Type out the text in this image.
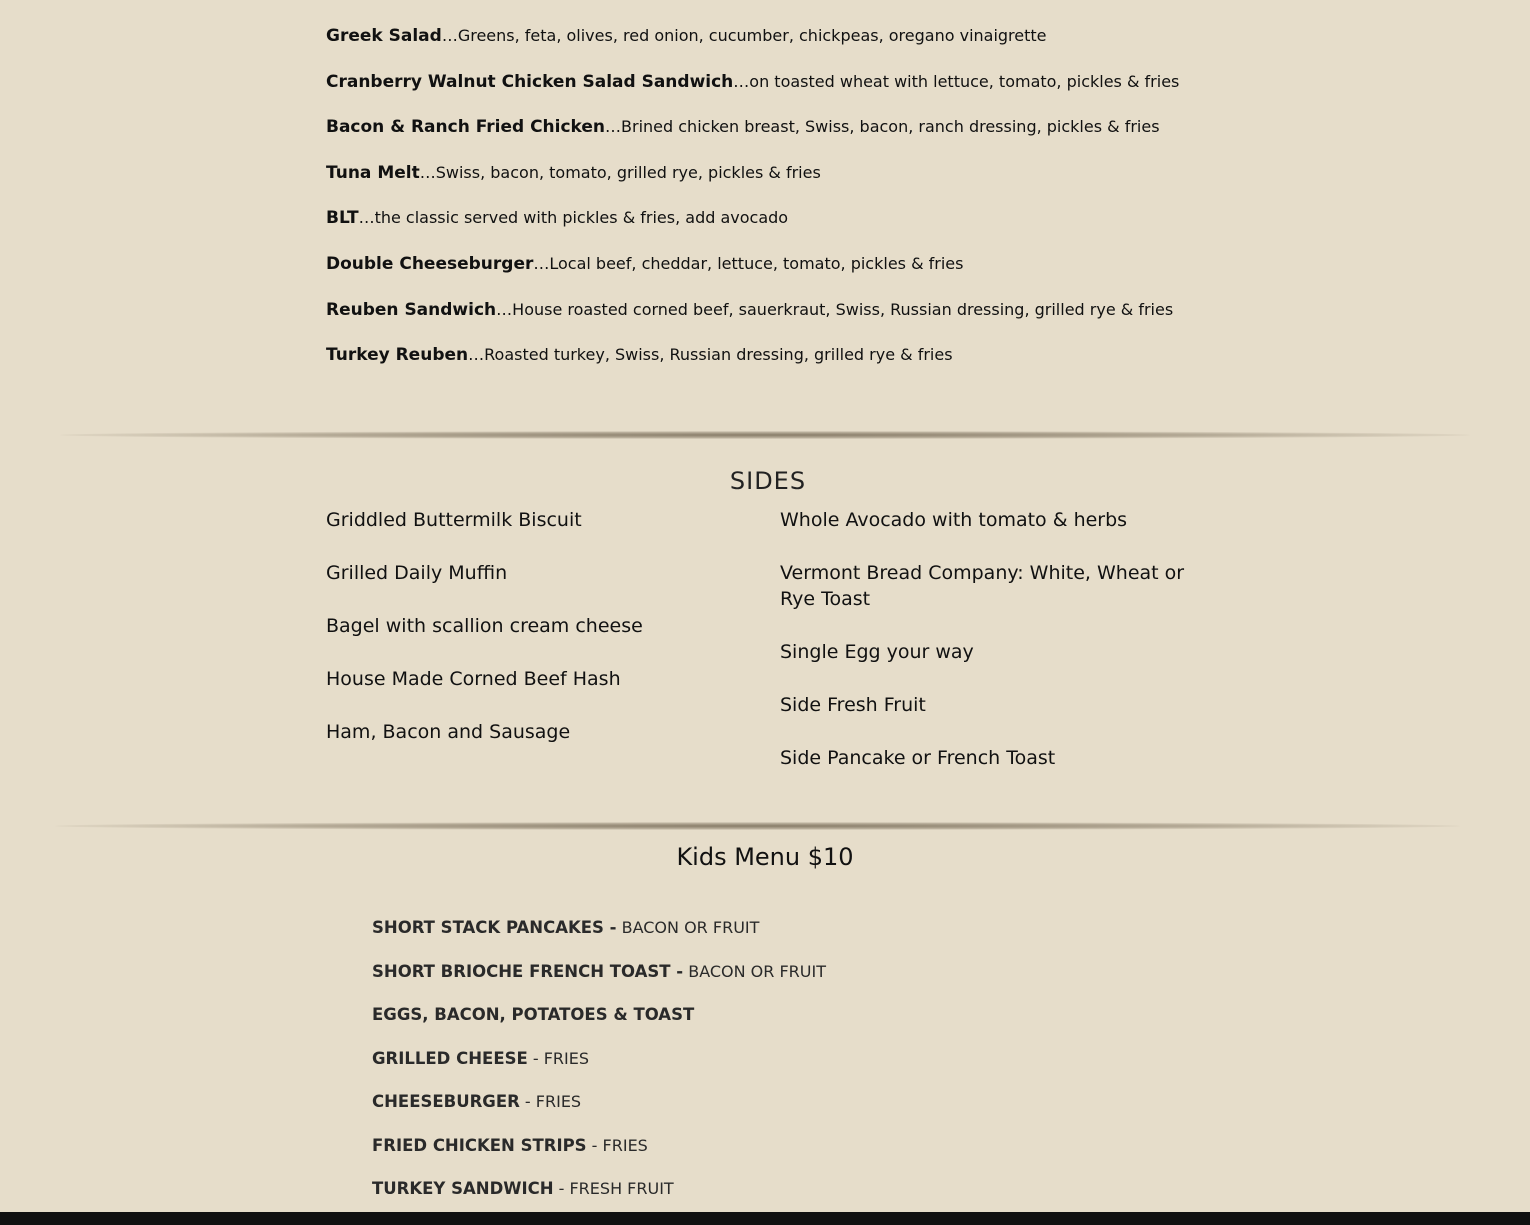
Greek Salad…Greens, feta, olives, red onion, cucumber, chickpeas, oregano vinaigrette
Cranberry Walnut Chicken Salad Sandwich…on toasted wheat with lettuce, tomato, pickles & fries
Bacon & Ranch Fried Chicken…Brined chicken breast, Swiss, bacon, ranch dressing, pickles & fries
Tuna Melt…Swiss, bacon, tomato, grilled rye, pickles & fries
BLT…the classic served with pickles & fries, add avocado
Double Cheeseburger…Local beef, cheddar, lettuce, tomato, pickles & fries
Reuben Sandwich…House roasted corned beef, sauerkraut, Swiss, Russian dressing, grilled rye & fries
Turkey Reuben…Roasted turkey, Swiss, Russian dressing, grilled rye & fries
SIDES
Griddled Buttermilk Biscuit
Grilled Daily Muffin
Bagel with scallion cream cheese
House Made Corned Beef Hash
Ham, Bacon and Sausage
Whole Avocado with tomato & herbs
Vermont Bread Company: White, Wheat or Rye Toast
Single Egg your way
Side Fresh Fruit
Side Pancake or French Toast
Kids Menu $10
SHORT STACK PANCAKES - BACON OR FRUIT
SHORT BRIOCHE FRENCH TOAST - BACON OR FRUIT
EGGS, BACON, POTATOES & TOAST
GRILLED CHEESE - FRIES
CHEESEBURGER - FRIES
FRIED CHICKEN STRIPS - FRIES
TURKEY SANDWICH - FRESH FRUIT
